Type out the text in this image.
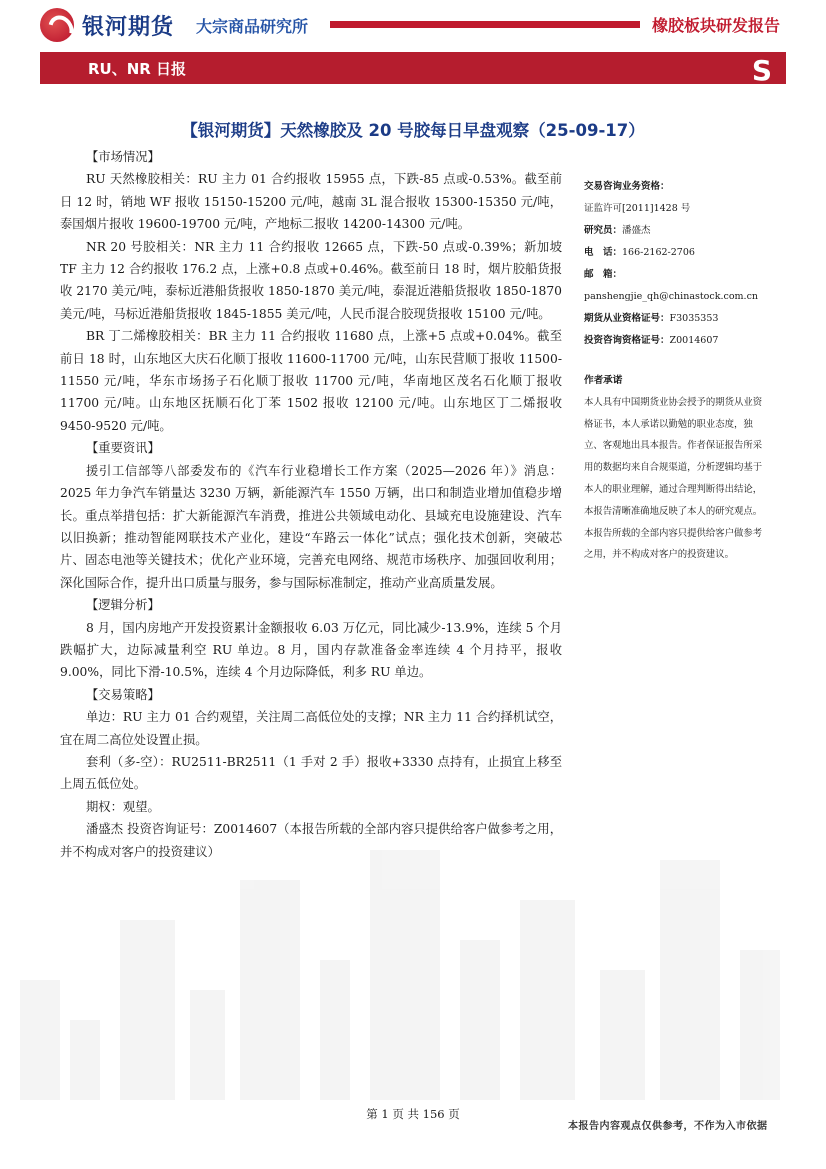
银河期货 大宗商品研究所	橡胶板块研发报告
RU、NR 日报	S
【银河期货】天然橡胶及 20 号胶每日早盘观察（25-09-17）

【市场情况】

RU 天然橡胶相关：RU 主力 01 合约报收 15955 点，下跌-85 点或-0.53%。截至前日 12 时，销地 WF 报收 15150-15200 元/吨，越南 3L 混合报收 15300-15350 元/吨，泰国烟片报收 19600-19700 元/吨，产地标二报收 14200-14300 元/吨。

NR 20 号胶相关：NR 主力 11 合约报收 12665 点，下跌-50 点或-0.39%；新加坡 TF 主力 12 合约报收 176.2 点，上涨+0.8 点或+0.46%。截至前日 18 时，烟片胶船货报收 2170 美元/吨，泰标近港船货报收 1850-1870 美元/吨，泰混近港船货报收 1850-1870 美元/吨，马标近港船货报收 1845-1855 美元/吨，人民币混合胶现货报收 15100 元/吨。

BR 丁二烯橡胶相关：BR 主力 11 合约报收 11680 点，上涨+5 点或+0.04%。截至前日 18 时，山东地区大庆石化顺丁报收 11600-11700 元/吨，山东民营顺丁报收 11500-11550 元/吨，华东市场扬子石化顺丁报收 11700 元/吨，华南地区茂名石化顺丁报收 11700 元/吨。山东地区抚顺石化丁苯 1502 报收 12100 元/吨。山东地区丁二烯报收 9450-9520 元/吨。

【重要资讯】

援引工信部等八部委发布的《汽车行业稳增长工作方案（2025—2026 年）》消息：2025 年力争汽车销量达 3230 万辆，新能源汽车 1550 万辆，出口和制造业增加值稳步增长。重点举措包括：扩大新能源汽车消费，推进公共领域电动化、县域充电设施建设、汽车以旧换新；推动智能网联技术产业化，建设“车路云一体化”试点；强化技术创新，突破芯片、固态电池等关键技术；优化产业环境，完善充电网络、规范市场秩序、加强回收利用；深化国际合作，提升出口质量与服务，参与国际标准制定，推动产业高质量发展。

【逻辑分析】

8 月，国内房地产开发投资累计金额报收 6.03 万亿元，同比减少-13.9%，连续 5 个月跌幅扩大，边际减量利空 RU 单边。8 月，国内存款准备金率连续 4 个月持平，报收 9.00%，同比下滑-10.5%，连续 4 个月边际降低，利多 RU 单边。

【交易策略】

单边：RU 主力 01 合约观望，关注周二高低位处的支撑；NR 主力 11 合约择机试空，宜在周二高位处设置止损。

套利（多-空）：RU2511-BR2511（1 手对 2 手）报收+3330 点持有，止损宜上移至上周五低位处。

期权：观望。

潘盛杰 投资咨询证号：Z0014607（本报告所载的全部内容只提供给客户做参考之用，并不构成对客户的投资建议）

交易咨询业务资格：
证监许可[2011]1428 号
研究员：潘盛杰
电　话：166-2162-2706
邮　箱：
panshengjie_qh@chinastock.com.cn
期货从业资格证号：F3035353
投资咨询资格证号：Z0014607
作者承诺
本人具有中国期货业协会授予的期货从业资格证书，本人承诺以勤勉的职业态度，独立、客观地出具本报告。作者保证报告所采用的数据均来自合规渠道，分析逻辑均基于本人的职业理解，通过合理判断得出结论，本报告清晰准确地反映了本人的研究观点。本报告所载的全部内容只提供给客户做参考之用，并不构成对客户的投资建议。
第 1 页 共 156 页
本报告内容观点仅供参考，不作为入市依据
